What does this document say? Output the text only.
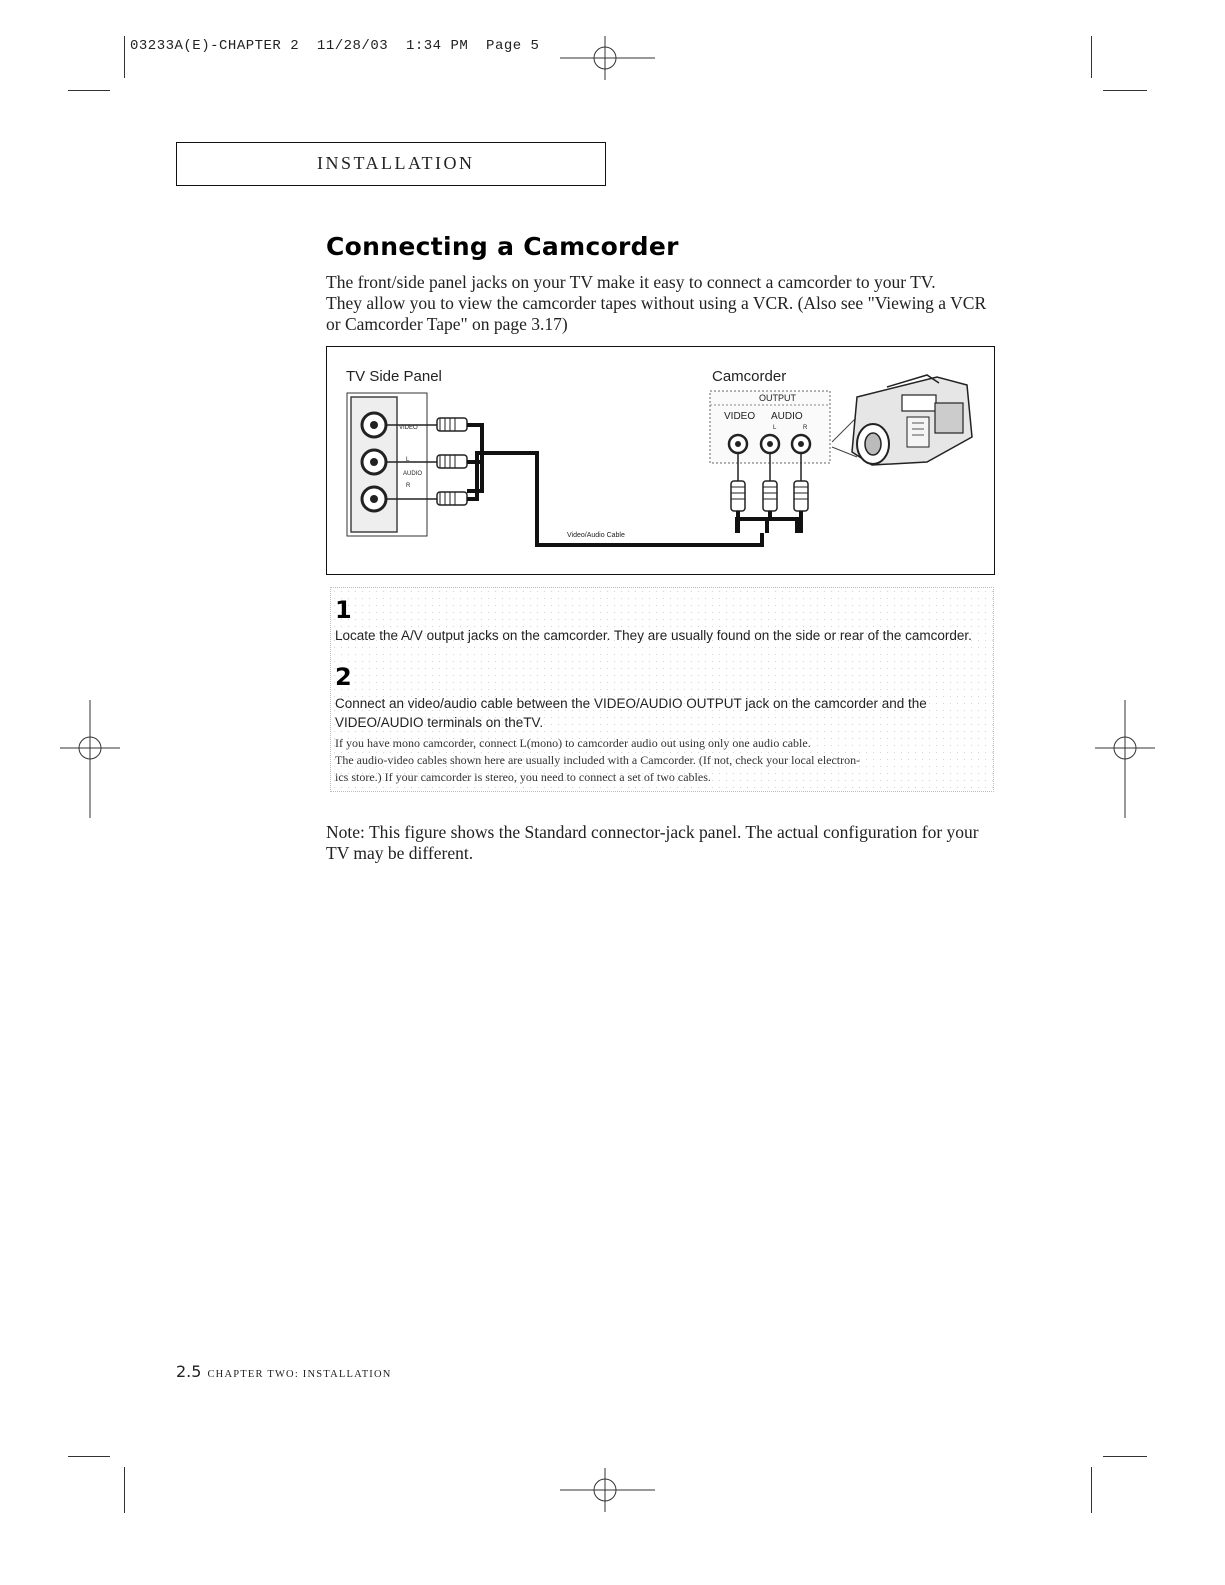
03233A(E)-CHAPTER 2  11/28/03  1:34 PM  Page 5
INSTALLATION
Connecting a Camcorder
The front/side panel jacks on your TV make it easy to connect a camcorder to your TV.
They allow you to view the camcorder tapes without using a VCR. (Also see "Viewing a VCR
or Camcorder Tape" on page 3.17)
TV Side Panel	Camcorder
VIDEO
AUDIO
L
R
Video/Audio Cable
OUTPUT
VIDEO AUDIO
L	R
1
Locate the A/V output jacks on the camcorder. They are usually found on the side or rear of the camcorder.
2
Connect an video/audio cable between the VIDEO/AUDIO OUTPUT jack on the camcorder and the
VIDEO/AUDIO terminals on theTV.
If you have mono camcorder, connect L(mono) to camcorder audio out using only one audio cable.
The audio-video cables shown here are usually included with a Camcorder. (If not, check your local electron-
ics store.) If your camcorder is stereo, you need to connect a set of two cables.
Note: This figure shows the Standard connector-jack panel. The actual configuration for your
TV may be different.
2.5 CHAPTER TWO: INSTALLATION
